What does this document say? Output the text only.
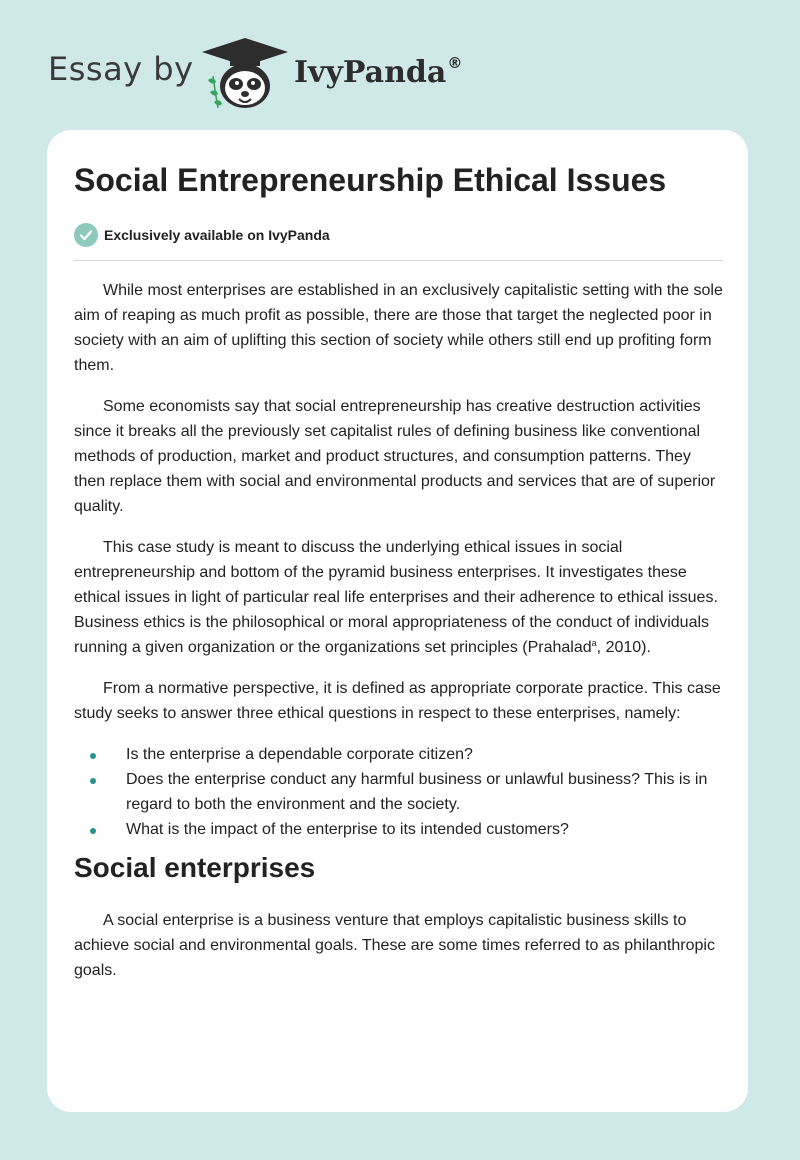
Essay by	IvyPanda®
Social Entrepreneurship Ethical Issues
Exclusively available on IvyPanda

While most enterprises are established in an exclusively capitalistic setting with the sole aim of reaping as much profit as possible, there are those that target the neglected poor in society with an aim of uplifting this section of society while others still end up profiting form them.

Some economists say that social entrepreneurship has creative destruction activities since it breaks all the previously set capitalist rules of defining business like conventional methods of production, market and product structures, and consumption patterns. They then replace them with social and environmental products and services that are of superior quality.

This case study is meant to discuss the underlying ethical issues in social entrepreneurship and bottom of the pyramid business enterprises. It investigates these ethical issues in light of particular real life enterprises and their adherence to ethical issues. Business ethics is the philosophical or moral appropriateness of the conduct of individuals running a given organization or the organizations set principles (Prahalad$^a$, 2010).

From a normative perspective, it is defined as appropriate corporate practice. This case study seeks to answer three ethical questions in respect to these enterprises, namely:

Is the enterprise a dependable corporate citizen?
Does the enterprise conduct any harmful business or unlawful business? This is in regard to both the environment and the society.
What is the impact of the enterprise to its intended customers?
Social enterprises

A social enterprise is a business venture that employs capitalistic business skills to achieve social and environmental goals. These are some times referred to as philanthropic goals.
